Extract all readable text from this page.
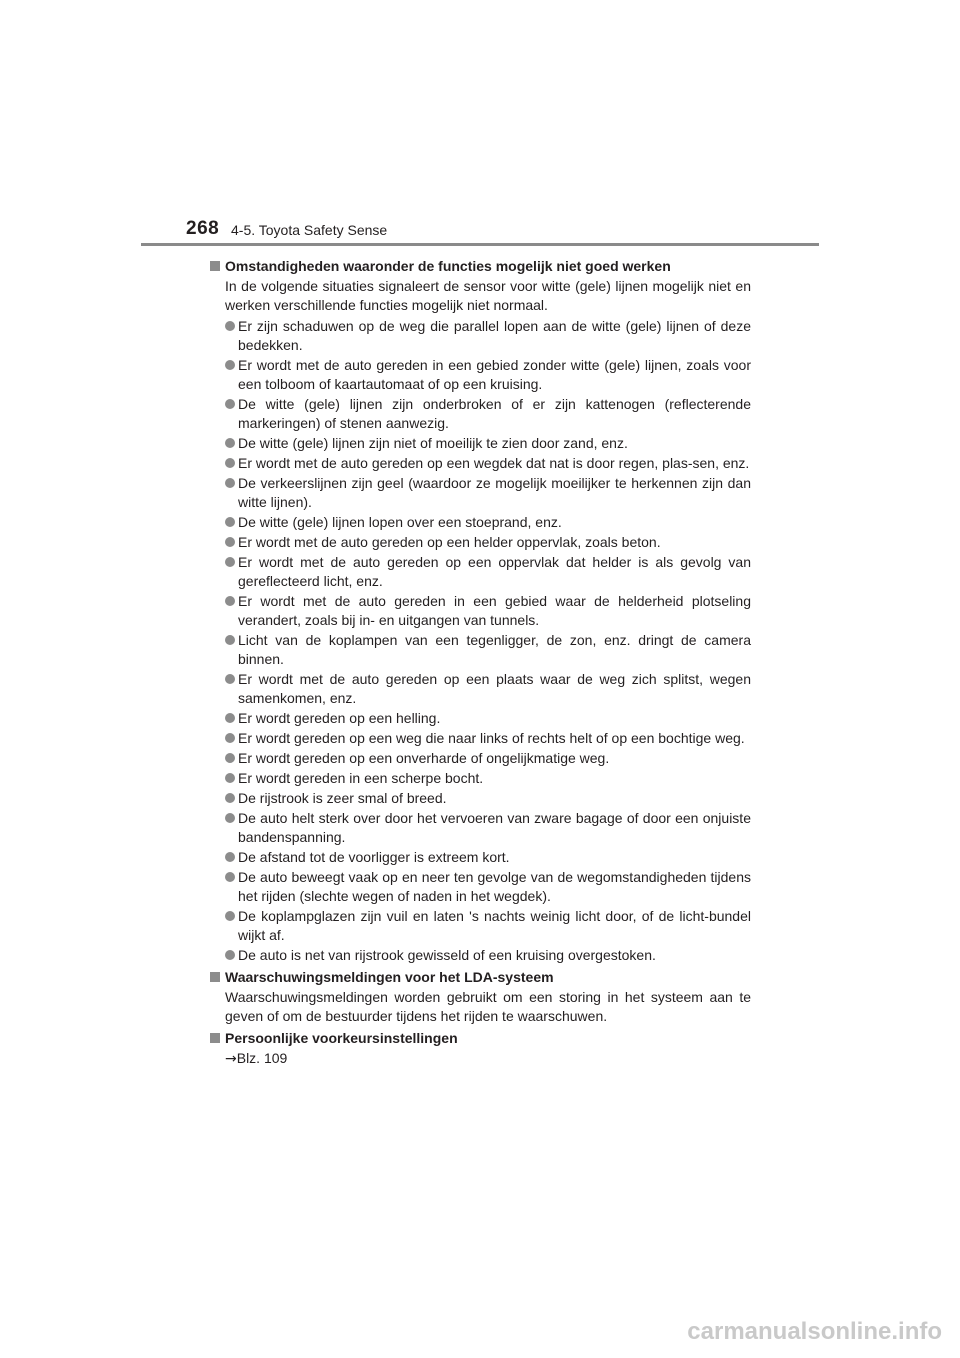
268 4-5. Toyota Safety Sense
Omstandigheden waaronder de functies mogelijk niet goed werken
In de volgende situaties signaleert de sensor voor witte (gele) lijnen mogelijk niet en werken verschillende functies mogelijk niet normaal.
Er zijn schaduwen op de weg die parallel lopen aan de witte (gele) lijnen of deze bedekken.
Er wordt met de auto gereden in een gebied zonder witte (gele) lijnen, zoals voor een tolboom of kaartautomaat of op een kruising.
De witte (gele) lijnen zijn onderbroken of er zijn kattenogen (reflecterende markeringen) of stenen aanwezig.
De witte (gele) lijnen zijn niet of moeilijk te zien door zand, enz.
Er wordt met de auto gereden op een wegdek dat nat is door regen, plas-sen, enz.
De verkeerslijnen zijn geel (waardoor ze mogelijk moeilijker te herkennen zijn dan witte lijnen).
De witte (gele) lijnen lopen over een stoeprand, enz.
Er wordt met de auto gereden op een helder oppervlak, zoals beton.
Er wordt met de auto gereden op een oppervlak dat helder is als gevolg van gereflecteerd licht, enz.
Er wordt met de auto gereden in een gebied waar de helderheid plotseling verandert, zoals bij in- en uitgangen van tunnels.
Licht van de koplampen van een tegenligger, de zon, enz. dringt de camera binnen.
Er wordt met de auto gereden op een plaats waar de weg zich splitst, wegen samenkomen, enz.
Er wordt gereden op een helling.
Er wordt gereden op een weg die naar links of rechts helt of op een bochtige weg.
Er wordt gereden op een onverharde of ongelijkmatige weg.
Er wordt gereden in een scherpe bocht.
De rijstrook is zeer smal of breed.
De auto helt sterk over door het vervoeren van zware bagage of door een onjuiste bandenspanning.
De afstand tot de voorligger is extreem kort.
De auto beweegt vaak op en neer ten gevolge van de wegomstandigheden tijdens het rijden (slechte wegen of naden in het wegdek).
De koplampglazen zijn vuil en laten 's nachts weinig licht door, of de licht-bundel wijkt af.
De auto is net van rijstrook gewisseld of een kruising overgestoken.
Waarschuwingsmeldingen voor het LDA-systeem
Waarschuwingsmeldingen worden gebruikt om een storing in het systeem aan te geven of om de bestuurder tijdens het rijden te waarschuwen.
Persoonlijke voorkeursinstellingen
→Blz. 109
carmanualsonline.info
